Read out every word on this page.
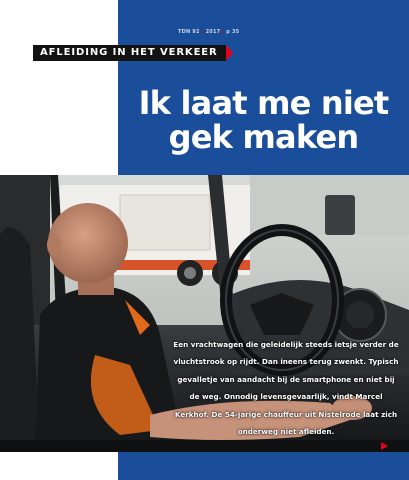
TDN 92 | 2017 | p 35
AFLEIDING IN HET VERKEER
Ik laat me niet
gek maken

Een vrachtwagen die geleidelijk steeds ietsje verder de vluchtstrook op rijdt. Dan ineens terug zwenkt. Typisch gevalletje van aandacht bij de smartphone en niet bij de weg. Onnodig levensgevaarlijk, vindt Marcel Kerkhof. De 54-jarige chauffeur uit Nistelrode laat zich onderweg niet afleiden.
